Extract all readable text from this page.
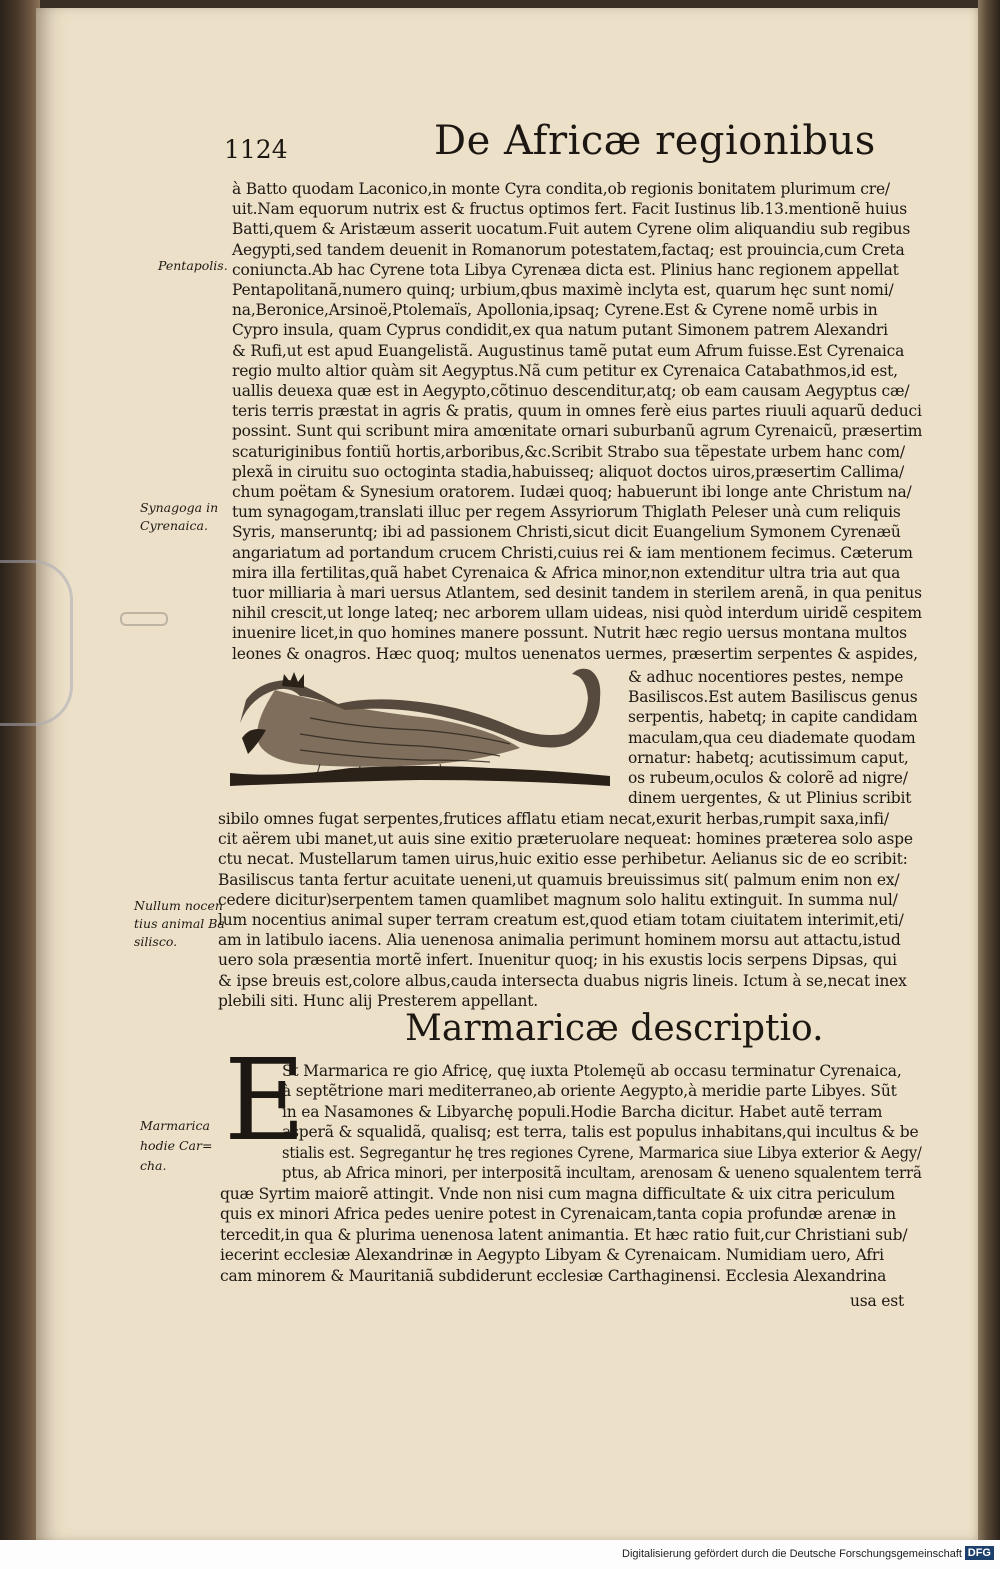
1124	De Africæ regionibus
Pentapolis.
Synagoga in
Cyrenaica.
Nullum nocen
tius animal Ba
silisco.
Marmarica
hodie Car=
cha.
à Batto quodam Laconico,in monte Cyra condita,ob regionis bonitatem plurimum cre/
uit.Nam equorum nutrix est & fructus optimos fert. Facit Iustinus lib.13.mentionẽ huius
Batti,quem & Aristæum asserit uocatum.Fuit autem Cyrene olim aliquandiu sub regibus
Aegypti,sed tandem deuenit in Romanorum potestatem,factaq; est prouincia,cum Creta
coniuncta.Ab hac Cyrene tota Libya Cyrenæa dicta est. Plinius hanc regionem appellat
Pentapolitanã,numero quinq; urbium,qbus maximè inclyta est, quarum hęc sunt nomi/
na,Beronice,Arsinoë,Ptolemaïs, Apollonia,ipsaq; Cyrene.Est & Cyrene nomẽ urbis in
Cypro insula, quam Cyprus condidit,ex qua natum putant Simonem patrem Alexandri
& Rufi,ut est apud Euangelistã. Augustinus tamẽ putat eum Afrum fuisse.Est Cyrenaica
regio multo altior quàm sit Aegyptus.Nã cum petitur ex Cyrenaica Catabathmos,id est,
uallis deuexa quæ est in Aegypto,cõtinuo descenditur,atq; ob eam causam Aegyptus cæ/
teris terris præstat in agris & pratis, quum in omnes ferè eius partes riuuli aquarũ deduci
possint. Sunt qui scribunt mira amœnitate ornari suburbanũ agrum Cyrenaicũ, præsertim
scaturiginibus fontiũ hortis,arboribus,&c.Scribit Strabo sua tẽpestate urbem hanc com/
plexã in ciruitu suo octoginta stadia,habuisseq; aliquot doctos uiros,præsertim Callima/
chum poëtam & Synesium oratorem. Iudæi quoq; habuerunt ibi longe ante Christum na/
tum synagogam,translati illuc per regem Assyriorum Thiglath Peleser unà cum reliquis
Syris, manseruntq; ibi ad passionem Christi,sicut dicit Euangelium Symonem Cyrenæũ
angariatum ad portandum crucem Christi,cuius rei & iam mentionem fecimus. Cæterum
mira illa fertilitas,quã habet Cyrenaica & Africa minor,non extenditur ultra tria aut qua
tuor milliaria à mari uersus Atlantem, sed desinit tandem in sterilem arenã, in qua penitus
nihil crescit,ut longe lateq; nec arborem ullam uideas, nisi quòd interdum uiridẽ cespitem
inuenire licet,in quo homines manere possunt. Nutrit hæc regio uersus montana multos
leones & onagros. Hæc quoq; multos uenenatos uermes, præsertim serpentes & aspides,
& adhuc nocentiores pestes, nempe
Basiliscos.Est autem Basiliscus genus
serpentis, habetq; in capite candidam
maculam,qua ceu diademate quodam
ornatur: habetq; acutissimum caput,
os rubeum,oculos & colorẽ ad nigre/
dinem uergentes, & ut Plinius scribit
sibilo omnes fugat serpentes,frutices afflatu etiam necat,exurit herbas,rumpit saxa,infi/
cit aërem ubi manet,ut auis sine exitio præteruolare nequeat: homines præterea solo aspe
ctu necat. Mustellarum tamen uirus,huic exitio esse perhibetur. Aelianus sic de eo scribit:
Basiliscus tanta fertur acuitate ueneni,ut quamuis breuissimus sit( palmum enim non ex/
cedere dicitur)serpentem tamen quamlibet magnum solo halitu extinguit. In summa nul/
lum nocentius animal super terram creatum est,quod etiam totam ciuitatem interimit,eti/
am in latibulo iacens. Alia uenenosa animalia perimunt hominem morsu aut attactu,istud
uero sola præsentia mortẽ infert. Inuenitur quoq; in his exustis locis serpens Dipsas, qui
& ipse breuis est,colore albus,cauda intersecta duabus nigris lineis. Ictum à se,necat inex
plebili siti. Hunc alij Presterem appellant.
St Marmarica re gio Africę, quę iuxta Ptolemęũ ab occasu terminatur Cyrenaica,
à septẽtrione mari mediterraneo,ab oriente Aegypto,à meridie parte Libyes. Sũt
in ea Nasamones & Libyarchę populi.Hodie Barcha dicitur. Habet autẽ terram
asperã & squalidã, qualisq; est terra, talis est populus inhabitans,qui incultus & be
stialis est. Segregantur hę tres regiones Cyrene, Marmarica siue Libya exterior & Aegy/
ptus, ab Africa minori, per interpositã incultam, arenosam & ueneno squalentem terrã
quæ Syrtim maiorẽ attingit. Vnde non nisi cum magna difficultate & uix citra periculum
quis ex minori Africa pedes uenire potest in Cyrenaicam,tanta copia profundæ arenæ in
tercedit,in qua & plurima uenenosa latent animantia. Et hæc ratio fuit,cur Christiani sub/
iecerint ecclesiæ Alexandrinæ in Aegypto Libyam & Cyrenaicam. Numidiam uero, Afri
cam minorem & Mauritaniã subdiderunt ecclesiæ Carthaginensi. Ecclesia Alexandrina
usa est
Marmaricæ descriptio.
E
Digitalisierung gefördert durch die Deutsche Forschungsgemeinschaft DFG
